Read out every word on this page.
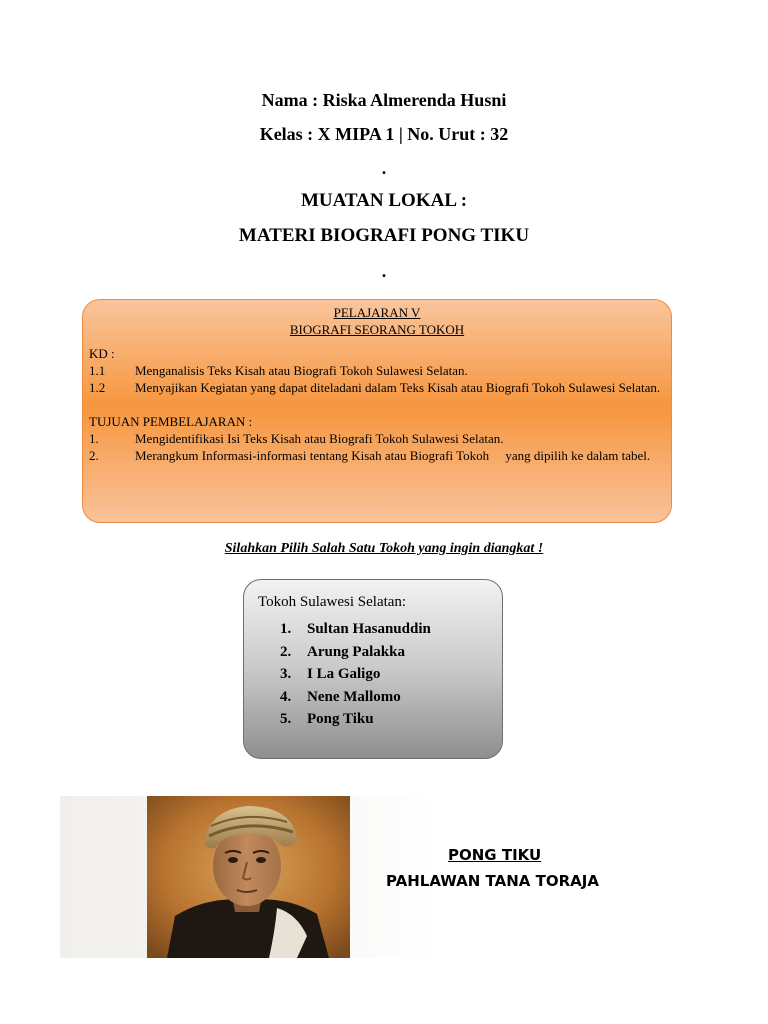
Nama : Riska Almerenda Husni
Kelas : X MIPA 1 | No. Urut : 32
.
MUATAN LOKAL :
MATERI BIOGRAFI PONG TIKU
.
PELAJARAN V
BIOGRAFI SEORANG TOKOH
KD :
1.1	Menganalisis Teks Kisah atau Biografi Tokoh Sulawesi Selatan.
1.2	Menyajikan Kegiatan yang dapat diteladani dalam Teks Kisah atau Biografi Tokoh Sulawesi Selatan.
TUJUAN PEMBELAJARAN :
1.	Mengidentifikasi Isi Teks Kisah atau Biografi Tokoh Sulawesi Selatan.
2.	Merangkum Informasi-informasi tentang Kisah atau Biografi Tokoh     yang dipilih ke dalam tabel.
Silahkan Pilih Salah Satu Tokoh yang ingin diangkat !
Tokoh Sulawesi Selatan:
1.	Sultan Hasanuddin
2.	Arung Palakka
3.	I La Galigo
4.	Nene Mallomo
5.	Pong Tiku
PONG TIKU
PAHLAWAN TANA TORAJA
